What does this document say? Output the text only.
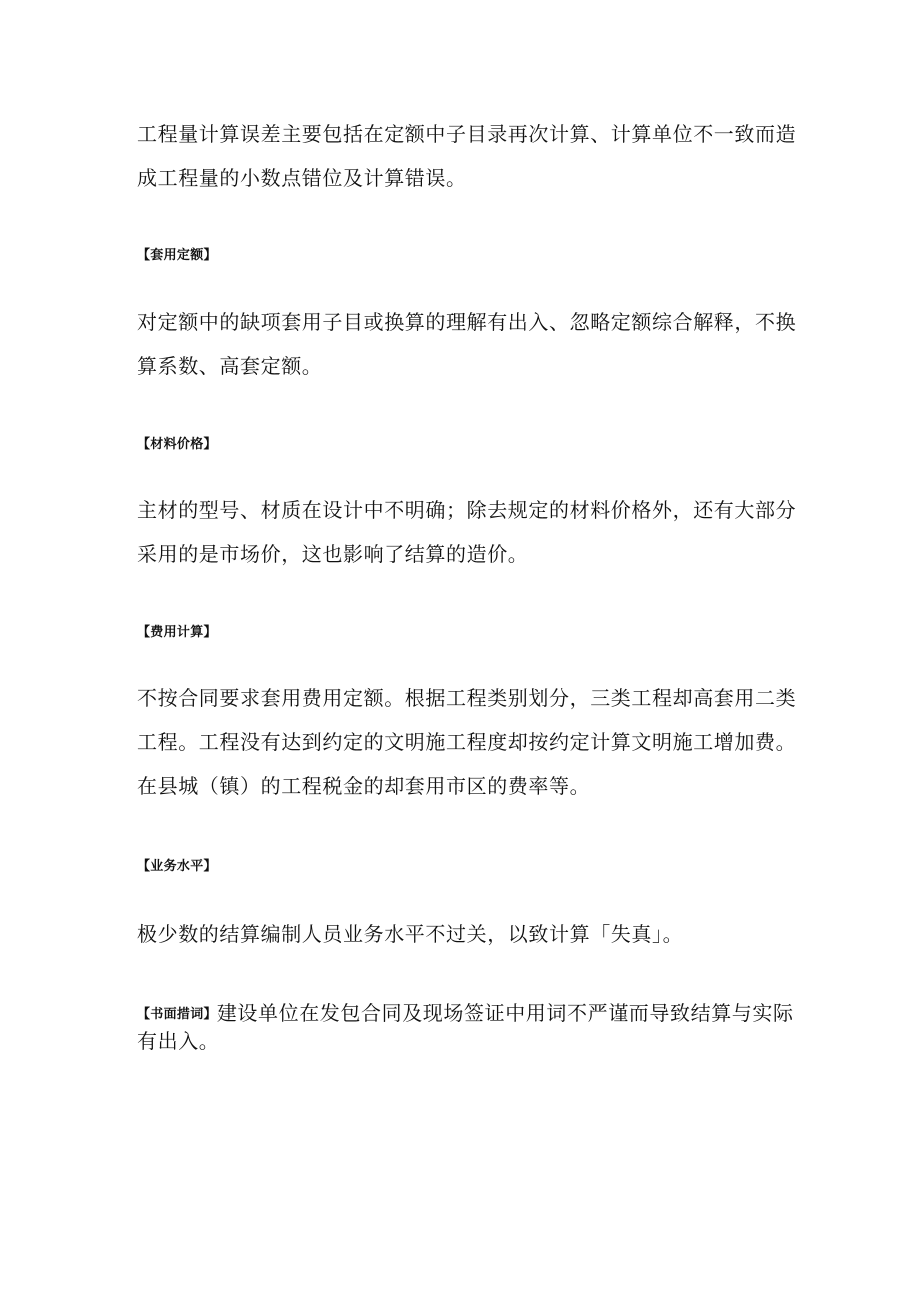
工程量计算误差主要包括在定额中子目录再次计算、计算单位不一致而造成工程量的小数点错位及计算错误。

【套用定额】

对定额中的缺项套用子目或换算的理解有出入、忽略定额综合解释，不换算系数、高套定额。

【材料价格】

主材的型号、材质在设计中不明确；除去规定的材料价格外，还有大部分采用的是市场价，这也影响了结算的造价。

【费用计算】

不按合同要求套用费用定额。根据工程类别划分，三类工程却高套用二类工程。工程没有达到约定的文明施工程度却按约定计算文明施工增加费。在县城（镇）的工程税金的却套用市区的费率等。

【业务水平】

极少数的结算编制人员业务水平不过关，以致计算「失真」。

【书面措词】建设单位在发包合同及现场签证中用词不严谨而导致结算与实际有出入。
